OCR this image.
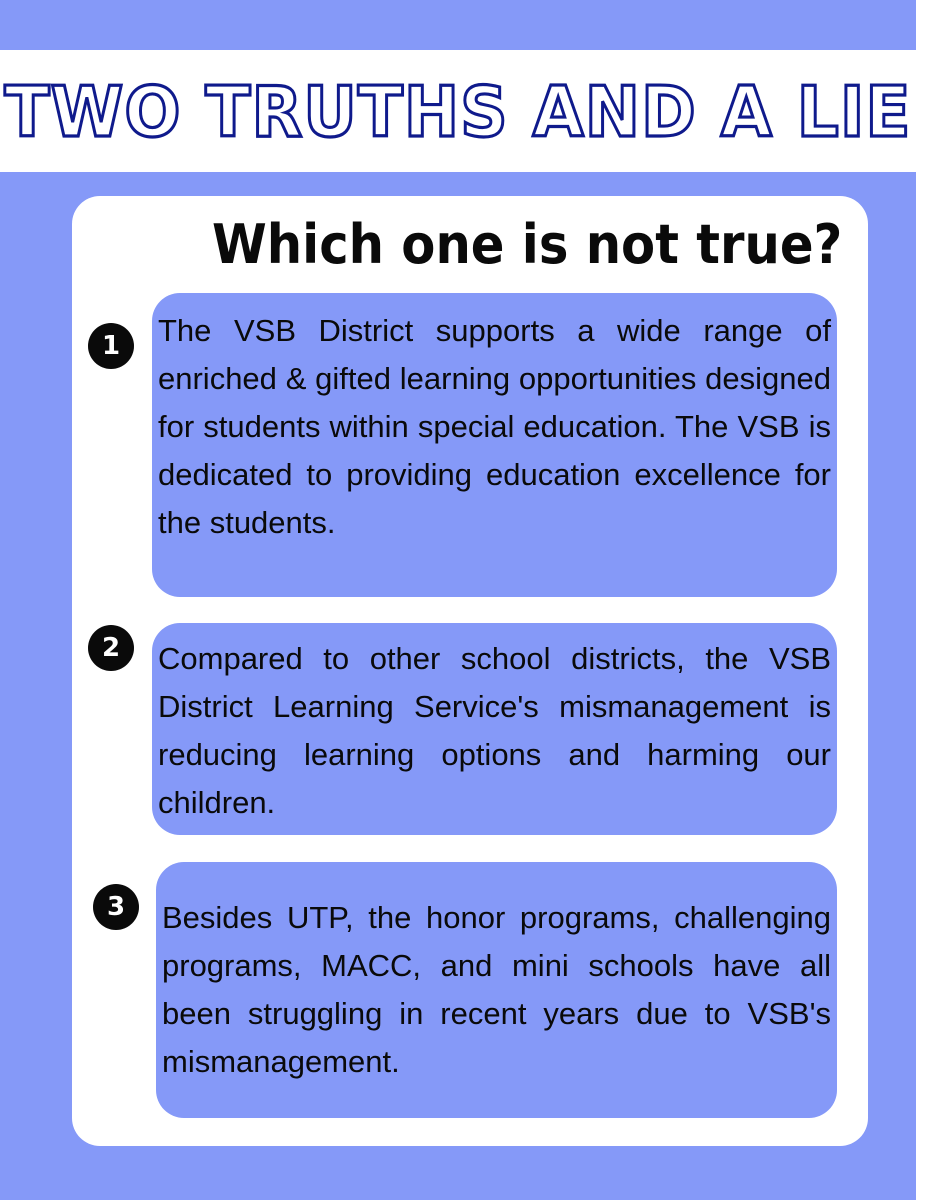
TWO TRUTHS AND A LIE
Which one is not true?
1	The VSB District supports a wide range of enriched & gifted learning opportunities designed for students within special education. The VSB is dedicated to providing education excellence for the students.

2	Compared to other school districts, the VSB District Learning Service's mismanagement is reducing learning options and harming our children.

3	Besides UTP, the honor programs, challenging programs, MACC, and mini schools have all been struggling in recent years due to VSB's mismanagement.
